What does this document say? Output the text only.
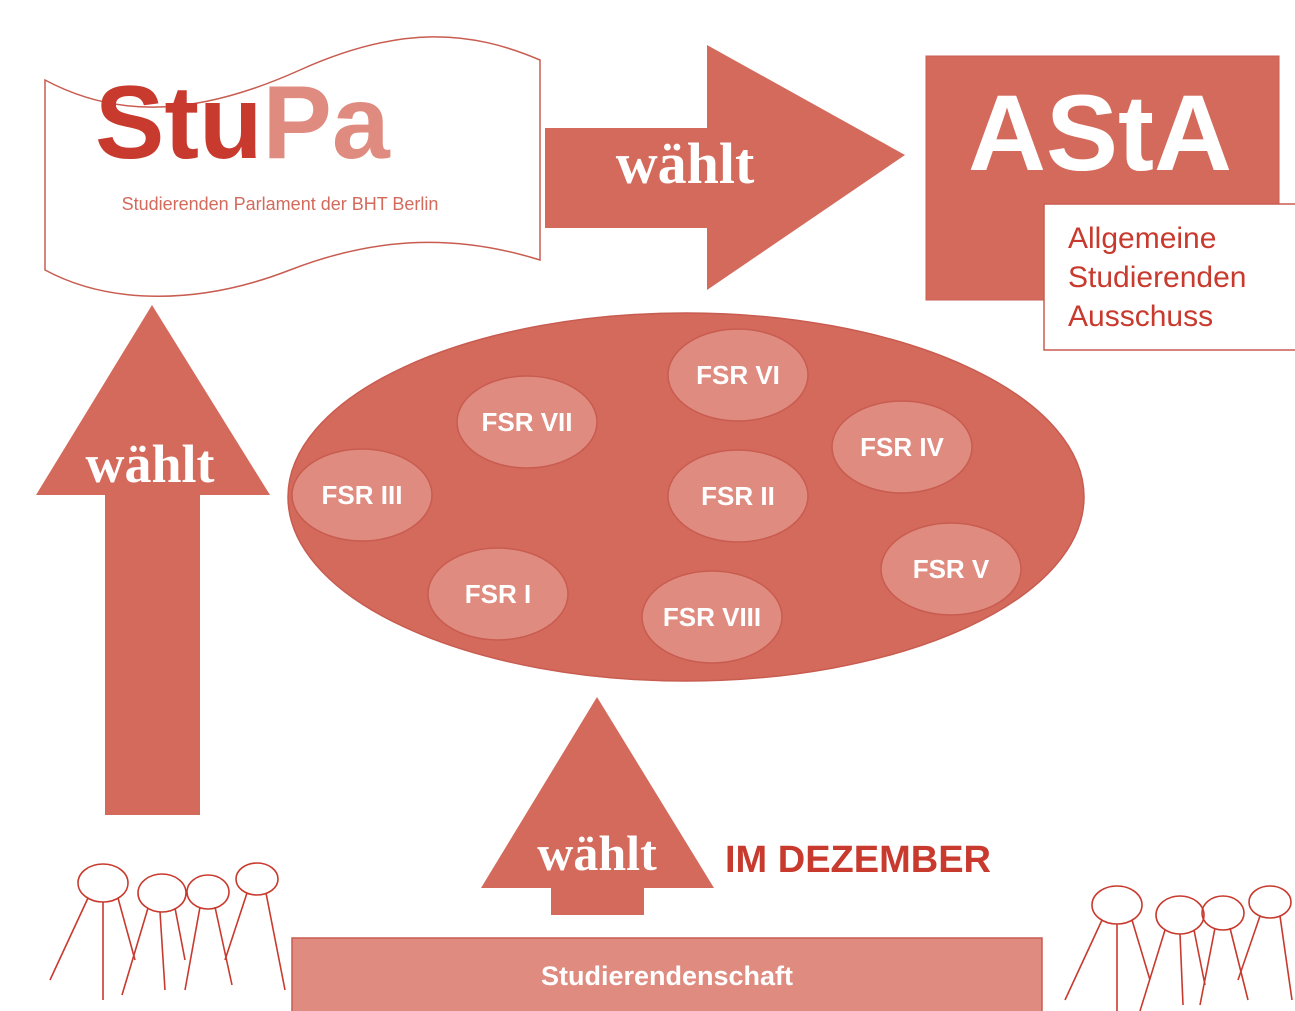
StuPa
Studierenden Parlament der BHT Berlin
wählt AStA
Allgemeine
Studierenden
Ausschuss
wählt
FSR VI
FSR VII
FSR IV
FSR III	FSR II
FSR V
FSR I
FSR VIII
wählt IM DEZEMBER
Studierendenschaft
